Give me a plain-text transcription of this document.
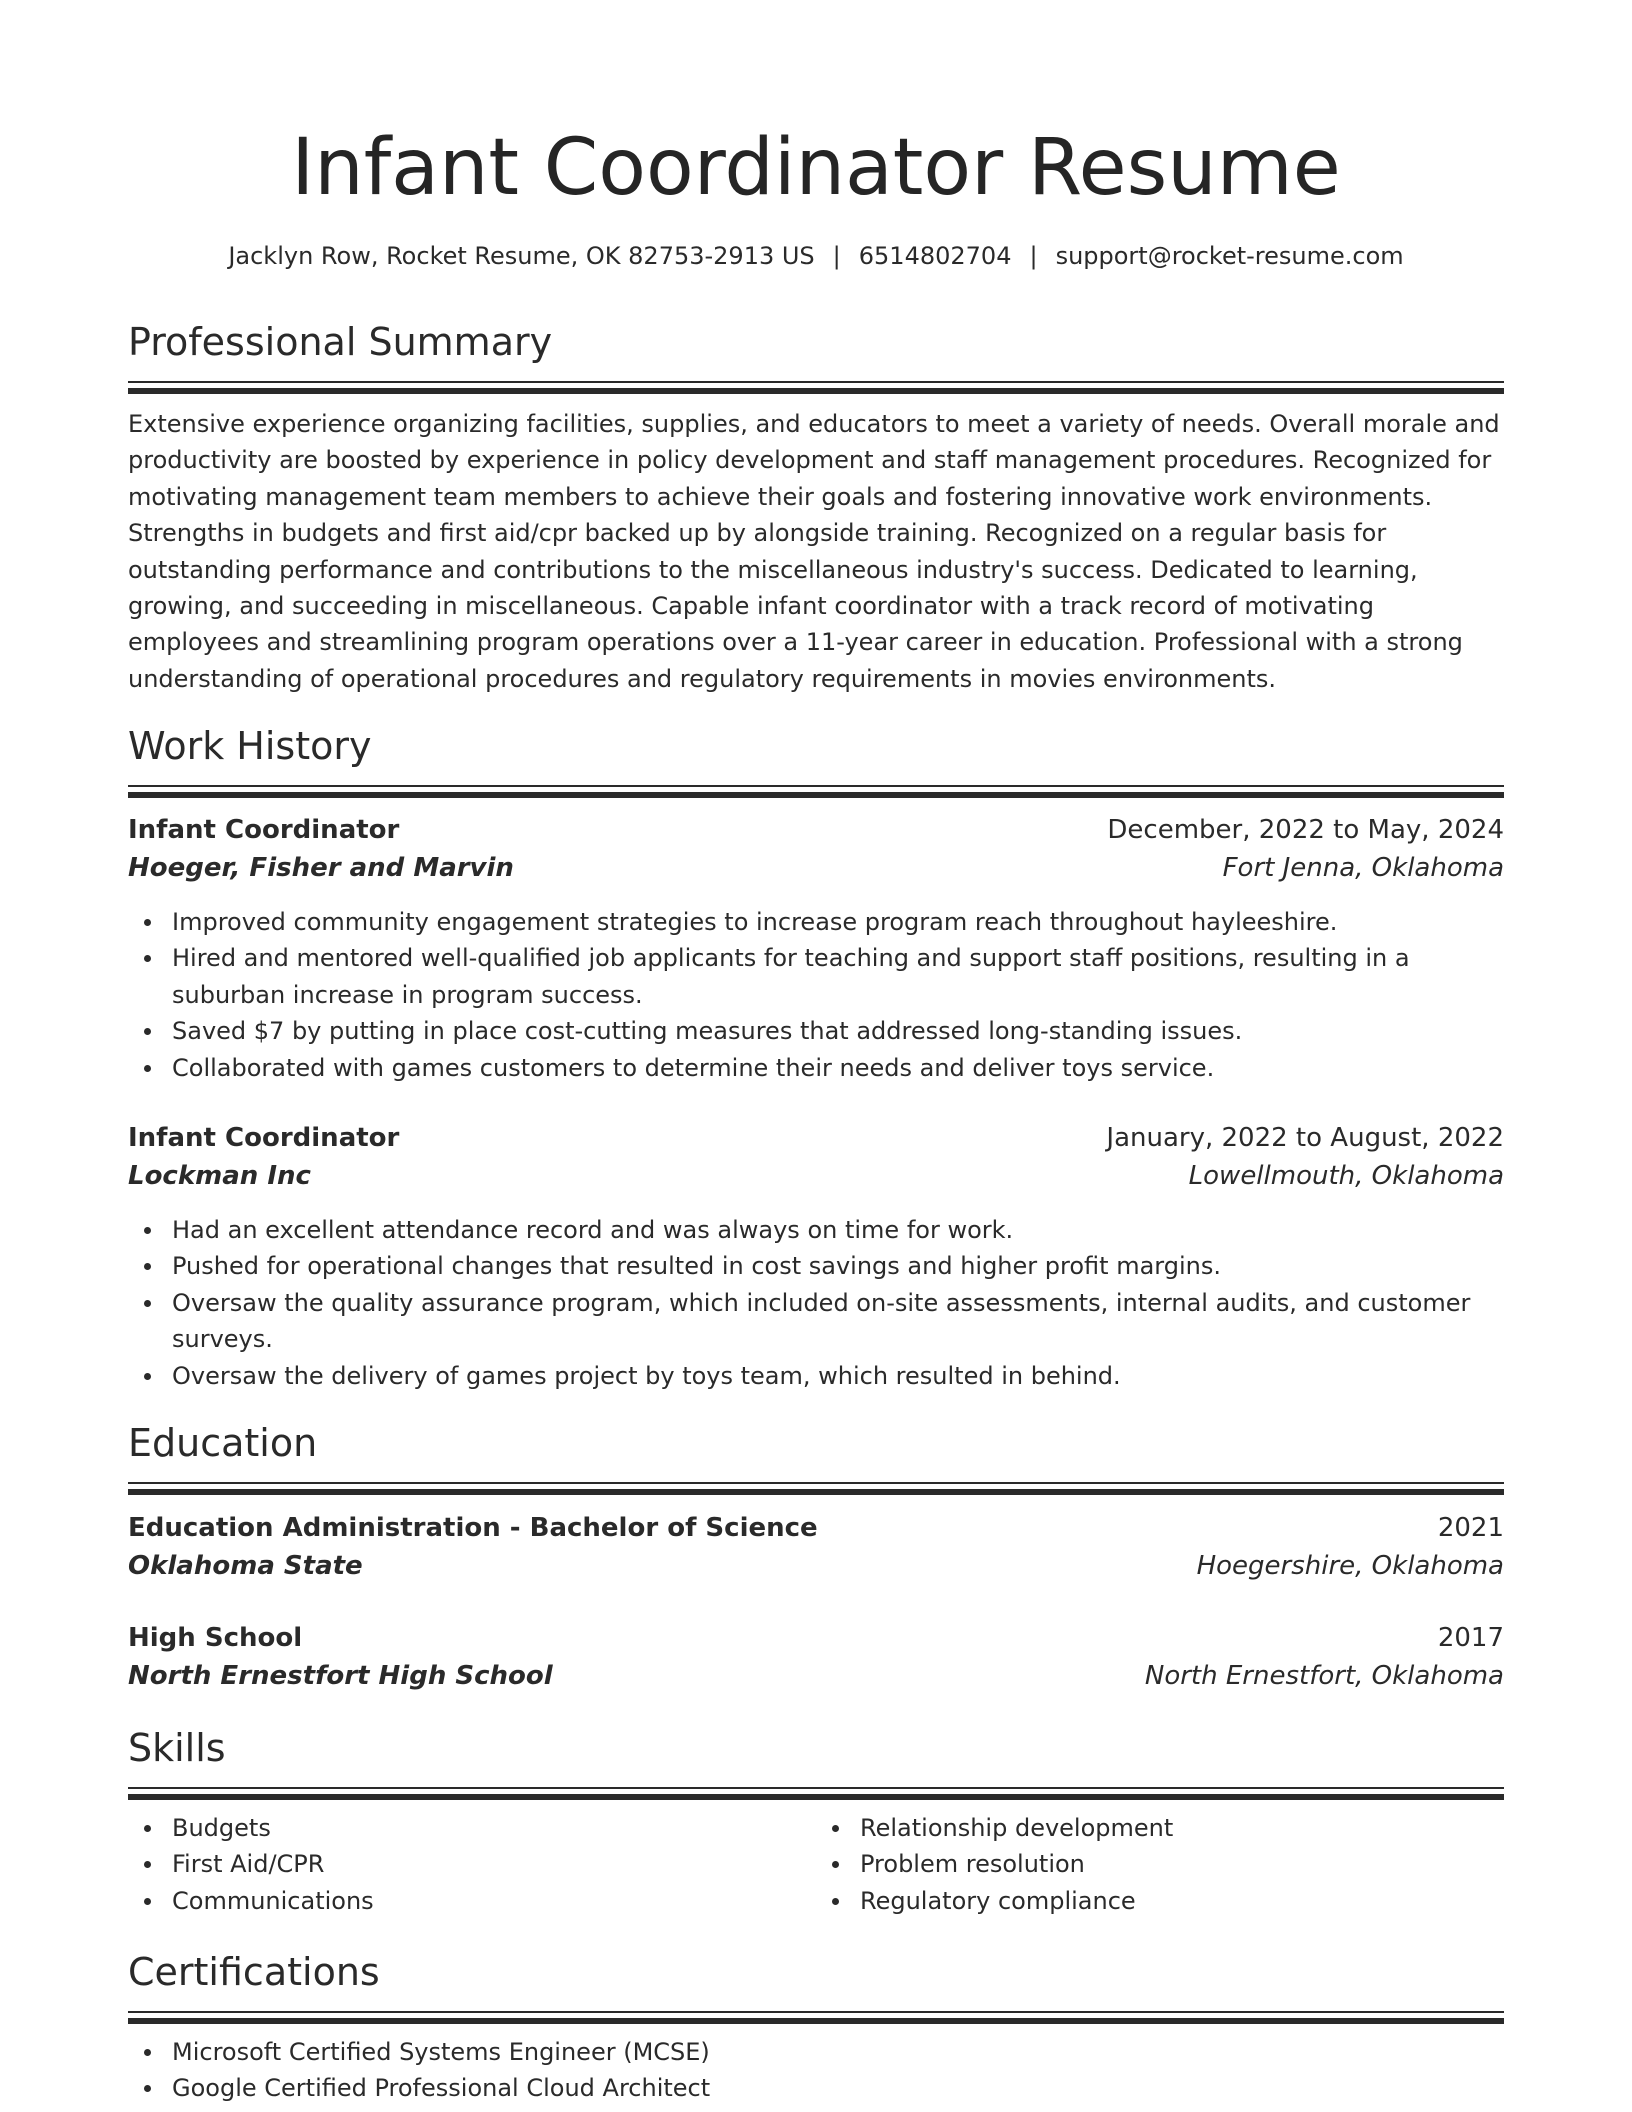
Infant Coordinator Resume
Jacklyn Row, Rocket Resume, OK 82753-2913 US | 6514802704 | support@rocket-resume.com
Professional Summary

Extensive experience organizing facilities, supplies, and educators to meet a variety of needs. Overall morale and productivity are boosted by experience in policy development and staff management procedures. Recognized for motivating management team members to achieve their goals and fostering innovative work environments. Strengths in budgets and first aid/cpr backed up by alongside training. Recognized on a regular basis for outstanding performance and contributions to the miscellaneous industry's success. Dedicated to learning, growing, and succeeding in miscellaneous. Capable infant coordinator with a track record of motivating employees and streamlining program operations over a 11-year career in education. Professional with a strong understanding of operational procedures and regulatory requirements in movies environments.

Work History
Infant Coordinator	December, 2022 to May, 2024
Hoeger, Fisher and Marvin	Fort Jenna, Oklahoma
Improved community engagement strategies to increase program reach throughout hayleeshire.
Hired and mentored well-qualified job applicants for teaching and support staff positions, resulting in a suburban increase in program success.
Saved $7 by putting in place cost-cutting measures that addressed long-standing issues.
Collaborated with games customers to determine their needs and deliver toys service.
Infant Coordinator	January, 2022 to August, 2022
Lockman Inc	Lowellmouth, Oklahoma
Had an excellent attendance record and was always on time for work.
Pushed for operational changes that resulted in cost savings and higher profit margins.
Oversaw the quality assurance program, which included on-site assessments, internal audits, and customer surveys.
Oversaw the delivery of games project by toys team, which resulted in behind.
Education
Education Administration - Bachelor of Science	2021
Oklahoma State	Hoegershire, Oklahoma
High School	2017
North Ernestfort High School	North Ernestfort, Oklahoma
Skills
Budgets
First Aid/CPR
Communications
Relationship development
Problem resolution
Regulatory compliance
Certifications
Microsoft Certified Systems Engineer (MCSE)
Google Certified Professional Cloud Architect
